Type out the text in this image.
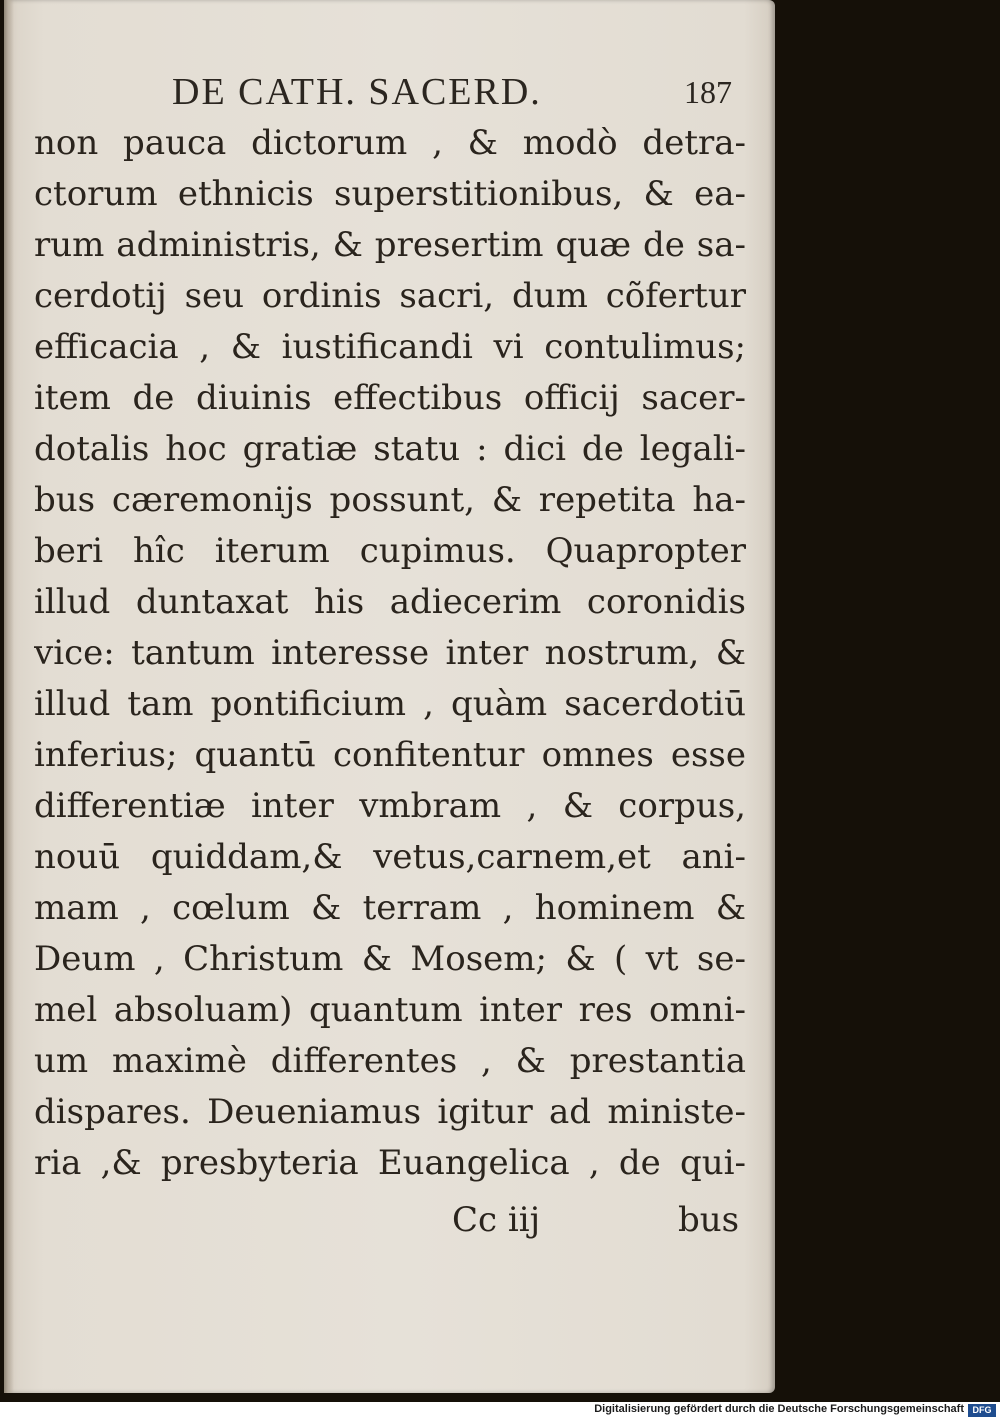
DE CATH. SACERD.	187
non pauca dictorum , & modò detra-
ctorum ethnicis superstitionibus, & ea-
rum administris, & presertim quæ de sa-
cerdotij seu ordinis sacri, dum cõfertur
efficacia , & iustificandi vi contulimus;
item de diuinis effectibus officij sacer-
dotalis hoc gratiæ statu : dici de legali-
bus cæremonijs possunt, & repetita ha-
beri hîc iterum cupimus. Quapropter
illud duntaxat his adiecerim coronidis
vice: tantum interesse inter nostrum, &
illud tam pontificium , quàm sacerdotiū
inferius; quantū confitentur omnes esse
differentiæ inter vmbram , & corpus,
nouū quiddam,& vetus,carnem,et ani-
mam , cœlum & terram , hominem &
Deum , Christum & Mosem; & ( vt se-
mel absoluam) quantum inter res omni-
um maximè differentes , & prestantia
dispares. Deueniamus igitur ad ministe-
ria ,& presbyteria Euangelica , de qui-
Cc iij	bus
Digitalisierung gefördert durch die Deutsche Forschungsgemeinschaft DFG
